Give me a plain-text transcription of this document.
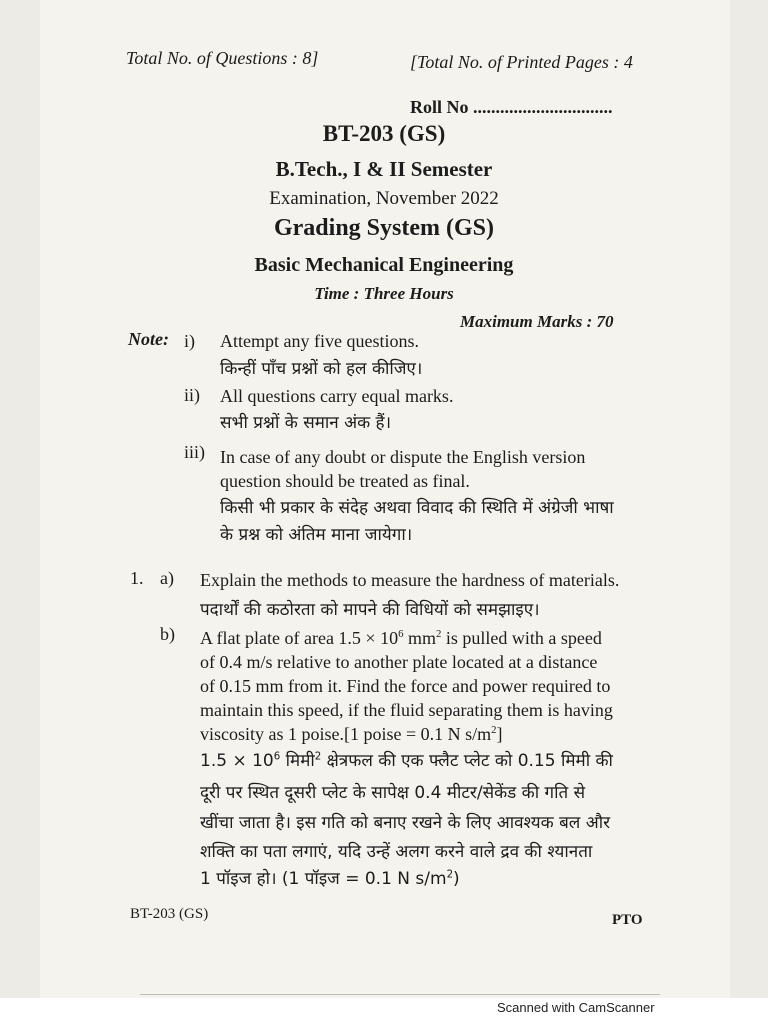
Total No. of Questions : 8]	[Total No. of Printed Pages : 4
Roll No ...............................
BT-203 (GS)
B.Tech., I & II Semester
Examination, November 2022
Grading System (GS)
Basic Mechanical Engineering
Time : Three Hours
Maximum Marks : 70
Note: i) Attempt any five questions.
किन्हीं पाँच प्रश्नों को हल कीजिए।
ii) All questions carry equal marks.
सभी प्रश्नों के समान अंक हैं।
iii) In case of any doubt or dispute the English version
question should be treated as final.
किसी भी प्रकार के संदेह अथवा विवाद की स्थिति में अंग्रेजी भाषा
के प्रश्न को अंतिम माना जायेगा।
1. a) Explain the methods to measure the hardness of materials.
पदार्थों की कठोरता को मापने की विधियों को समझाइए।
b) A flat plate of area $1.5 \times 10^6$ $mm^2$ is pulled with a speed
of 0.4 m/s relative to another plate located at a distance
of 0.15 mm from it. Find the force and power required to
maintain this speed, if the fluid separating them is having
viscosity as 1 poise.[1 poise = 0.1 N $s/m^2$]
$1.5 \times 10^6$ मिमी$^2$ क्षेत्रफल की एक फ्लैट प्लेट को 0.15 मिमी की
दूरी पर स्थित दूसरी प्लेट के सापेक्ष 0.4 मीटर/सेकेंड की गति से
खींचा जाता है। इस गति को बनाए रखने के लिए आवश्यक बल और
शक्ति का पता लगाएं, यदि उन्हें अलग करने वाले द्रव की श्यानता
1 पॉइज हो। (1 पॉइज = 0.1 N $s/m^2$)
BT-203 (GS)	PTO
Scanned with CamScanner
